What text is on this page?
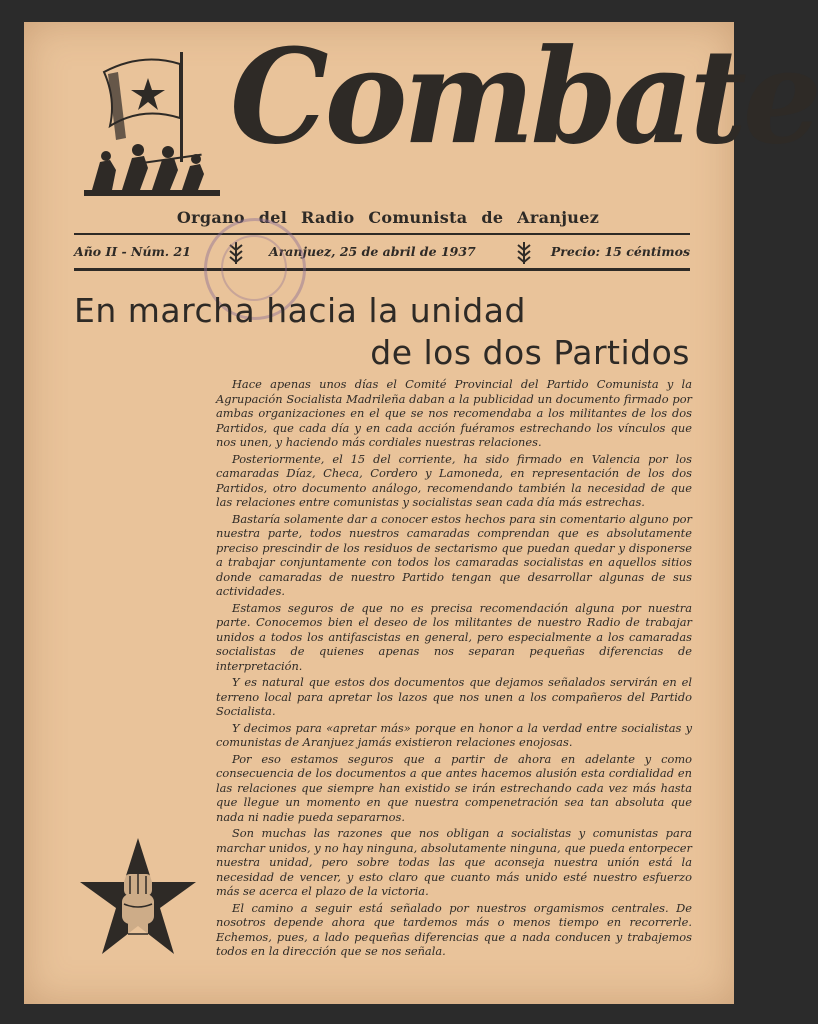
Combate
Organo del Radio Comunista de Aranjuez
Año II - Núm. 21	Aranjuez, 25 de abril de 1937	Precio: 15 céntimos
En marcha hacia la unidad
de los dos Partidos

Hace apenas unos días el Comité Provincial del Partido Comunista y la Agrupación Socialista Madrileña daban a la publicidad un documento firmado por ambas organizaciones en el que se nos recomendaba a los militantes de los dos Partidos, que cada día y en cada acción fuéramos estrechando los vínculos que nos unen, y haciendo más cordiales nuestras relaciones.

Posteriormente, el 15 del corriente, ha sido firmado en Valencia por los camaradas Díaz, Checa, Cordero y Lamoneda, en representación de los dos Partidos, otro documento análogo, recomendando también la necesidad de que las relaciones entre comunistas y socialistas sean cada día más estrechas.

Bastaría solamente dar a conocer estos hechos para sin comentario alguno por nuestra parte, todos nuestros camaradas comprendan que es absolutamente preciso prescindir de los residuos de sectarismo que puedan quedar y disponerse a trabajar conjuntamente con todos los camaradas socialistas en aquellos sitios donde camaradas de nuestro Partido tengan que desarrollar algunas de sus actividades.

Estamos seguros de que no es precisa recomendación alguna por nuestra parte. Conocemos bien el deseo de los militantes de nuestro Radio de trabajar unidos a todos los antifascistas en general, pero especialmente a los camaradas socialistas de quienes apenas nos separan pequeñas diferencias de interpretación.

Y es natural que estos dos documentos que dejamos señalados servirán en el terreno local para apretar los lazos que nos unen a los compañeros del Partido Socialista.

Y decimos para «apretar más» porque en honor a la verdad entre socialistas y comunistas de Aranjuez jamás existieron relaciones enojosas.

Por eso estamos seguros que a partir de ahora en adelante y como consecuencia de los documentos a que antes hacemos alusión esta cordialidad en las relaciones que siempre han existido se irán estrechando cada vez más hasta que llegue un momento en que nuestra compenetración sea tan absoluta que nada ni nadie pueda separarnos.

Son muchas las razones que nos obligan a socialistas y comunistas para marchar unidos, y no hay ninguna, absolutamente ninguna, que pueda entorpecer nuestra unidad, pero sobre todas las que aconseja nuestra unión está la necesidad de vencer, y esto claro que cuanto más unido esté nuestro esfuerzo más se acerca el plazo de la victoria.

El camino a seguir está señalado por nuestros orgamismos centrales. De nosotros depende ahora que tardemos más o menos tiempo en recorrerle. Echemos, pues, a lado pequeñas diferencias que a nada conducen y trabajemos todos en la dirección que se nos señala.
